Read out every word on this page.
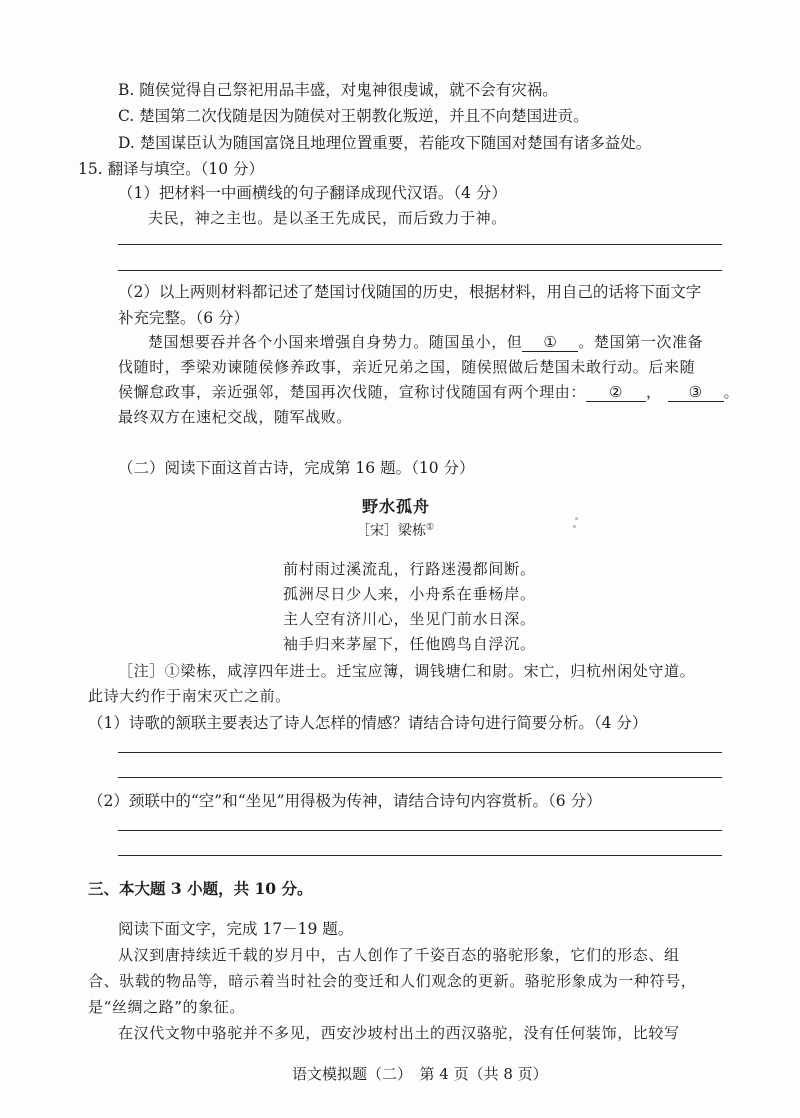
B. 随侯觉得自己祭祀用品丰盛，对鬼神很虔诚，就不会有灾祸。
C. 楚国第二次伐随是因为随侯对王朝教化叛逆，并且不向楚国进贡。
D. 楚国谋臣认为随国富饶且地理位置重要，若能攻下随国对楚国有诸多益处。
15. 翻译与填空。（10 分）
（1）把材料一中画横线的句子翻译成现代汉语。（4 分）
夫民，神之主也。是以圣王先成民，而后致力于神。
（2）以上两则材料都记述了楚国讨伐随国的历史，根据材料，用自己的话将下面文字
补充完整。（6 分）
楚国想要吞并各个小国来增强自身势力。随国虽小，但 ① 。楚国第一次准备
伐随时，季梁劝谏随侯修养政事，亲近兄弟之国，随侯照做后楚国未敢行动。后来随
侯懈怠政事，亲近强邻，楚国再次伐随，宣称讨伐随国有两个理由： ② ， ③ 。
最终双方在速杞交战，随军战败。
（二）阅读下面这首古诗，完成第 16 题。（10 分）
野水孤舟
［宋］梁栋①
前村雨过溪流乱，行路迷漫都间断。
孤洲尽日少人来，小舟系在垂杨岸。
主人空有济川心，坐见门前水日深。
袖手归来茅屋下，任他鸥鸟自浮沉。
［注］①梁栋，咸淳四年进士。迁宝应簿，调钱塘仁和尉。宋亡，归杭州闲处守道。
此诗大约作于南宋灭亡之前。
（1）诗歌的颔联主要表达了诗人怎样的情感？请结合诗句进行简要分析。（4 分）
（2）颈联中的“空”和“坐见”用得极为传神，请结合诗句内容赏析。（6 分）
三、本大题 3 小题，共 10 分。
阅读下面文字，完成 17－19 题。
从汉到唐持续近千载的岁月中，古人创作了千姿百态的骆驼形象，它们的形态、组
合、驮载的物品等，暗示着当时社会的变迁和人们观念的更新。骆驼形象成为一种符号，
是“丝绸之路”的象征。
在汉代文物中骆驼并不多见，西安沙坡村出土的西汉骆驼，没有任何装饰，比较写
语文模拟题（二）　第 4 页（共 8 页）
